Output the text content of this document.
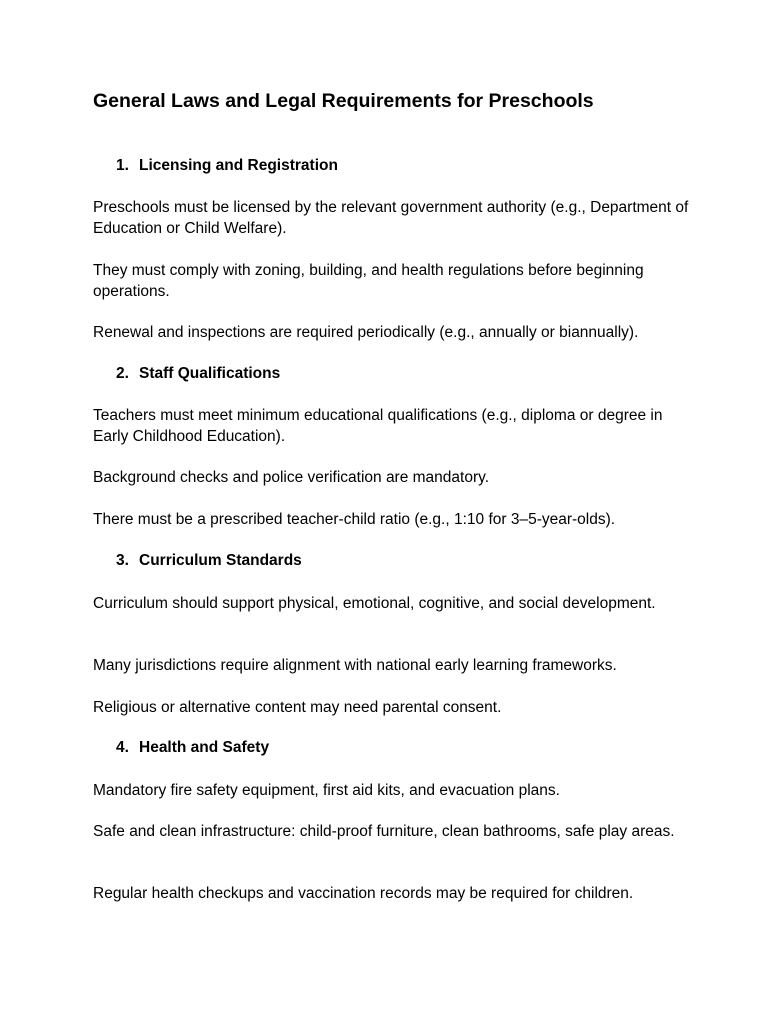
General Laws and Legal Requirements for Preschools
1. Licensing and Registration

Preschools must be licensed by the relevant government authority (e.g., Department of Education or Child Welfare).

They must comply with zoning, building, and health regulations before beginning operations.

Renewal and inspections are required periodically (e.g., annually or biannually).

2. Staff Qualifications

Teachers must meet minimum educational qualifications (e.g., diploma or degree in Early Childhood Education).

Background checks and police verification are mandatory.

There must be a prescribed teacher-child ratio (e.g., 1:10 for 3–5-year-olds).

3. Curriculum Standards

Curriculum should support physical, emotional, cognitive, and social development.

Many jurisdictions require alignment with national early learning frameworks.

Religious or alternative content may need parental consent.

4. Health and Safety

Mandatory fire safety equipment, first aid kits, and evacuation plans.

Safe and clean infrastructure: child-proof furniture, clean bathrooms, safe play areas.

Regular health checkups and vaccination records may be required for children.
